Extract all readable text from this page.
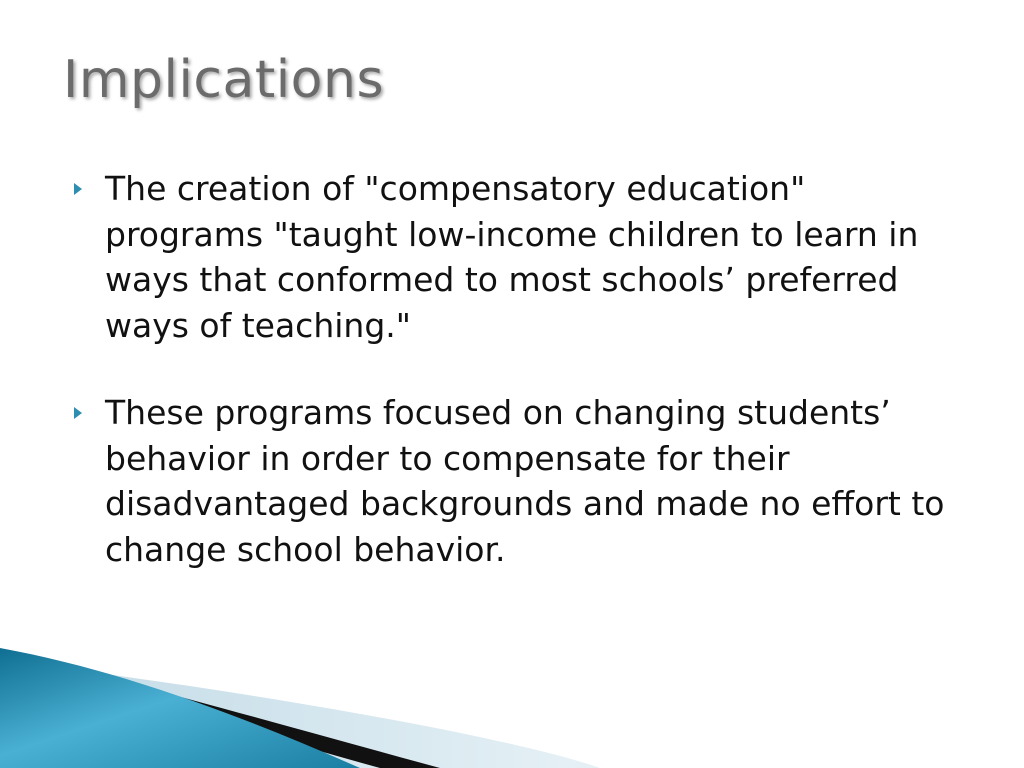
Implications
The creation of "compensatory education" programs "taught low-income children to learn in ways that conformed to most schools’ preferred ways of teaching."
These programs focused on changing students’ behavior in order to compensate for their disadvantaged backgrounds and made no effort to change school behavior.
